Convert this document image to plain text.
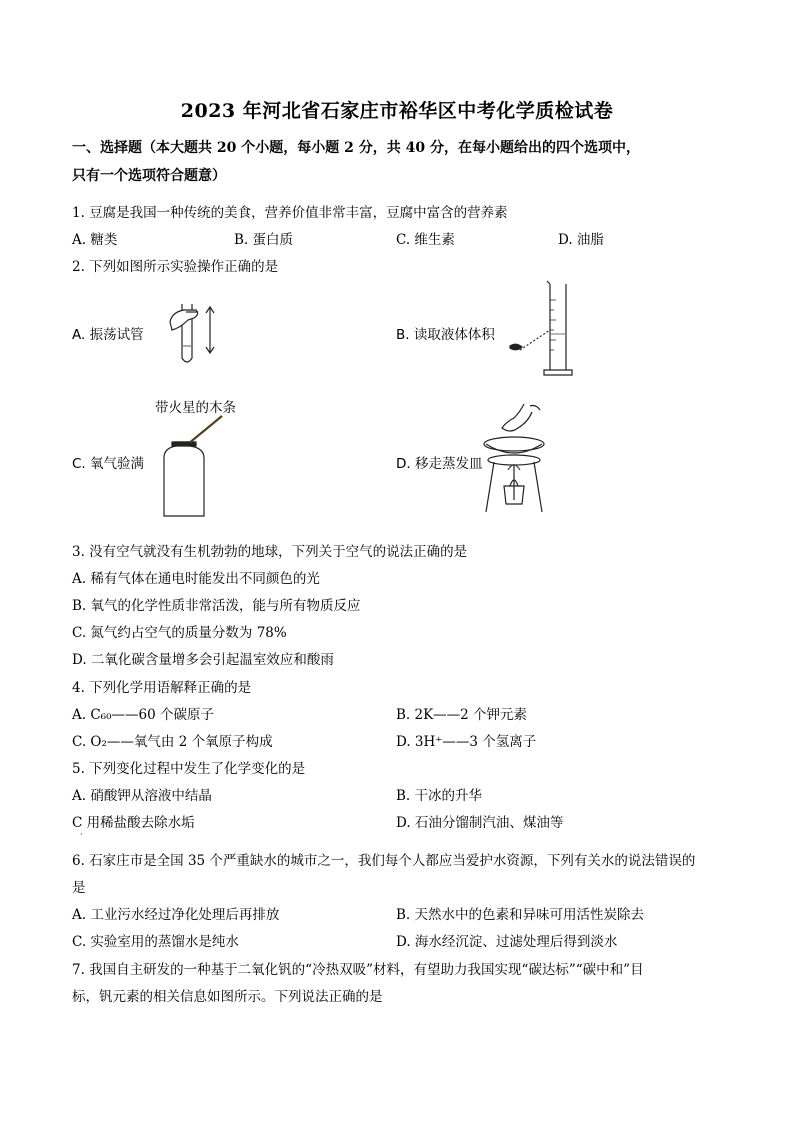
2023 年河北省石家庄市裕华区中考化学质检试卷
一、选择题（本大题共 20 个小题，每小题 2 分，共 40 分，在每小题给出的四个选项中，
只有一个选项符合题意）
1. 豆腐是我国一种传统的美食，营养价值非常丰富，豆腐中富含的营养素
A. 糖类	B. 蛋白质	C. 维生素	D. 油脂
2. 下列如图所示实验操作正确的是
A. 振荡试管	B. 读取液体体积
带火星的木条
C. 氧气验满	D. 移走蒸发皿
3. 没有空气就没有生机勃勃的地球，下列关于空气的说法正确的是
A. 稀有气体在通电时能发出不同颜色的光
B. 氧气的化学性质非常活泼，能与所有物质反应
C. 氮气约占空气的质量分数为 78%
D. 二氧化碳含量增多会引起温室效应和酸雨
4. 下列化学用语解释正确的是
A. C₆₀——60 个碳原子	B. 2K——2 个钾元素
C. O₂——氧气由 2 个氧原子构成	D. 3H⁺——3 个氢离子
5. 下列变化过程中发生了化学变化的是
A. 硝酸钾从溶液中结晶	B. 干冰的升华
C 用稀盐酸去除水垢	D. 石油分馏制汽油、煤油等
·
6. 石家庄市是全国 35 个严重缺水的城市之一，我们每个人都应当爱护水资源，下列有关水的说法错误的
是
A. 工业污水经过净化处理后再排放	B. 天然水中的色素和异味可用活性炭除去
C. 实验室用的蒸馏水是纯水	D. 海水经沉淀、过滤处理后得到淡水
7. 我国自主研发的一种基于二氧化钒的“冷热双吸”材料，有望助力我国实现“碳达标”“碳中和”目
标，钒元素的相关信息如图所示。下列说法正确的是
